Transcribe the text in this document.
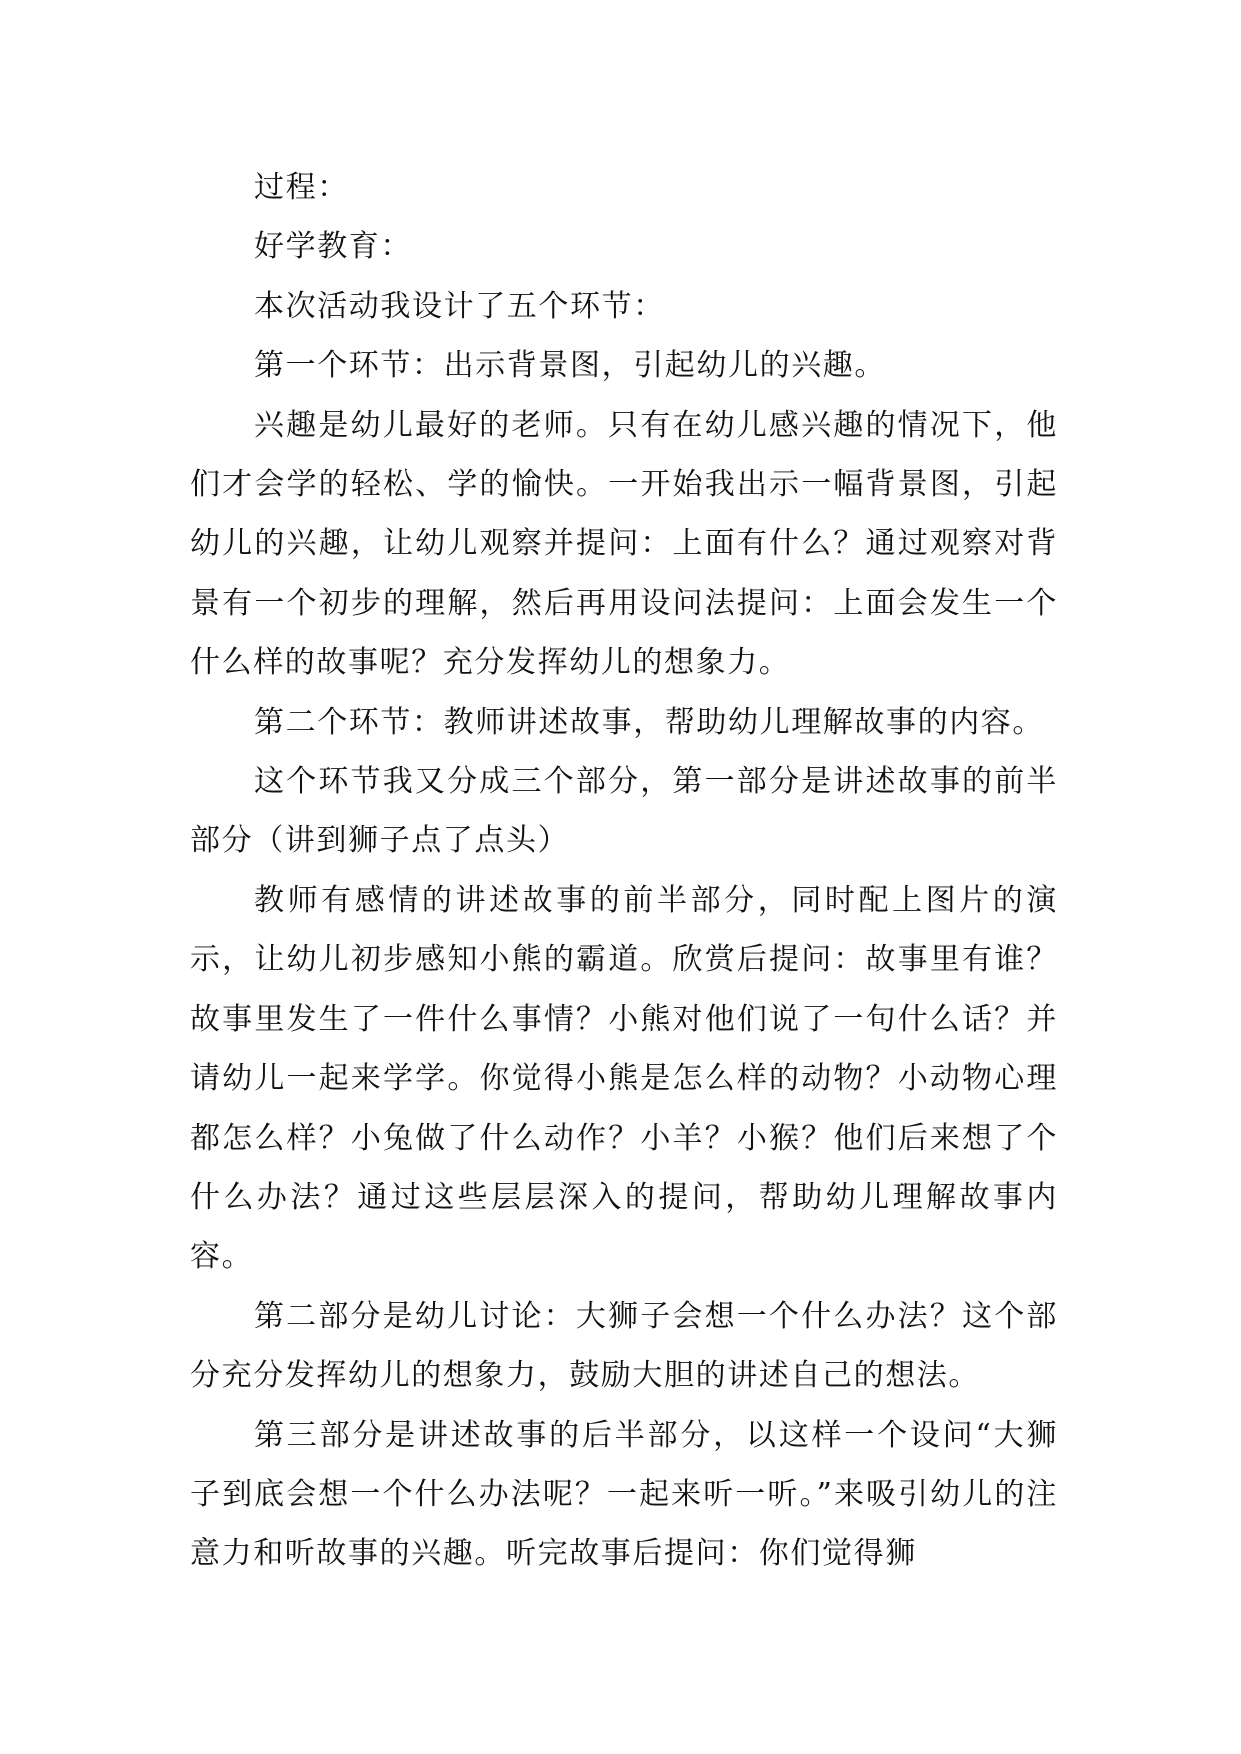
过程：

好学教育：

本次活动我设计了五个环节：

第一个环节：出示背景图，引起幼儿的兴趣。

兴趣是幼儿最好的老师。只有在幼儿感兴趣的情况下，他们才会学的轻松、学的愉快。一开始我出示一幅背景图，引起幼儿的兴趣，让幼儿观察并提问：上面有什么？通过观察对背景有一个初步的理解，然后再用设问法提问：上面会发生一个什么样的故事呢？充分发挥幼儿的想象力。

第二个环节：教师讲述故事，帮助幼儿理解故事的内容。

这个环节我又分成三个部分，第一部分是讲述故事的前半部分（讲到狮子点了点头）

教师有感情的讲述故事的前半部分，同时配上图片的演示，让幼儿初步感知小熊的霸道。欣赏后提问：故事里有谁？故事里发生了一件什么事情？小熊对他们说了一句什么话？并请幼儿一起来学学。你觉得小熊是怎么样的动物？小动物心理都怎么样？小兔做了什么动作？小羊？小猴？他们后来想了个什么办法？通过这些层层深入的提问，帮助幼儿理解故事内容。

第二部分是幼儿讨论：大狮子会想一个什么办法？这个部分充分发挥幼儿的想象力，鼓励大胆的讲述自己的想法。

第三部分是讲述故事的后半部分，以这样一个设问“大狮子到底会想一个什么办法呢？一起来听一听。”来吸引幼儿的注意力和听故事的兴趣。听完故事后提问：你们觉得狮
